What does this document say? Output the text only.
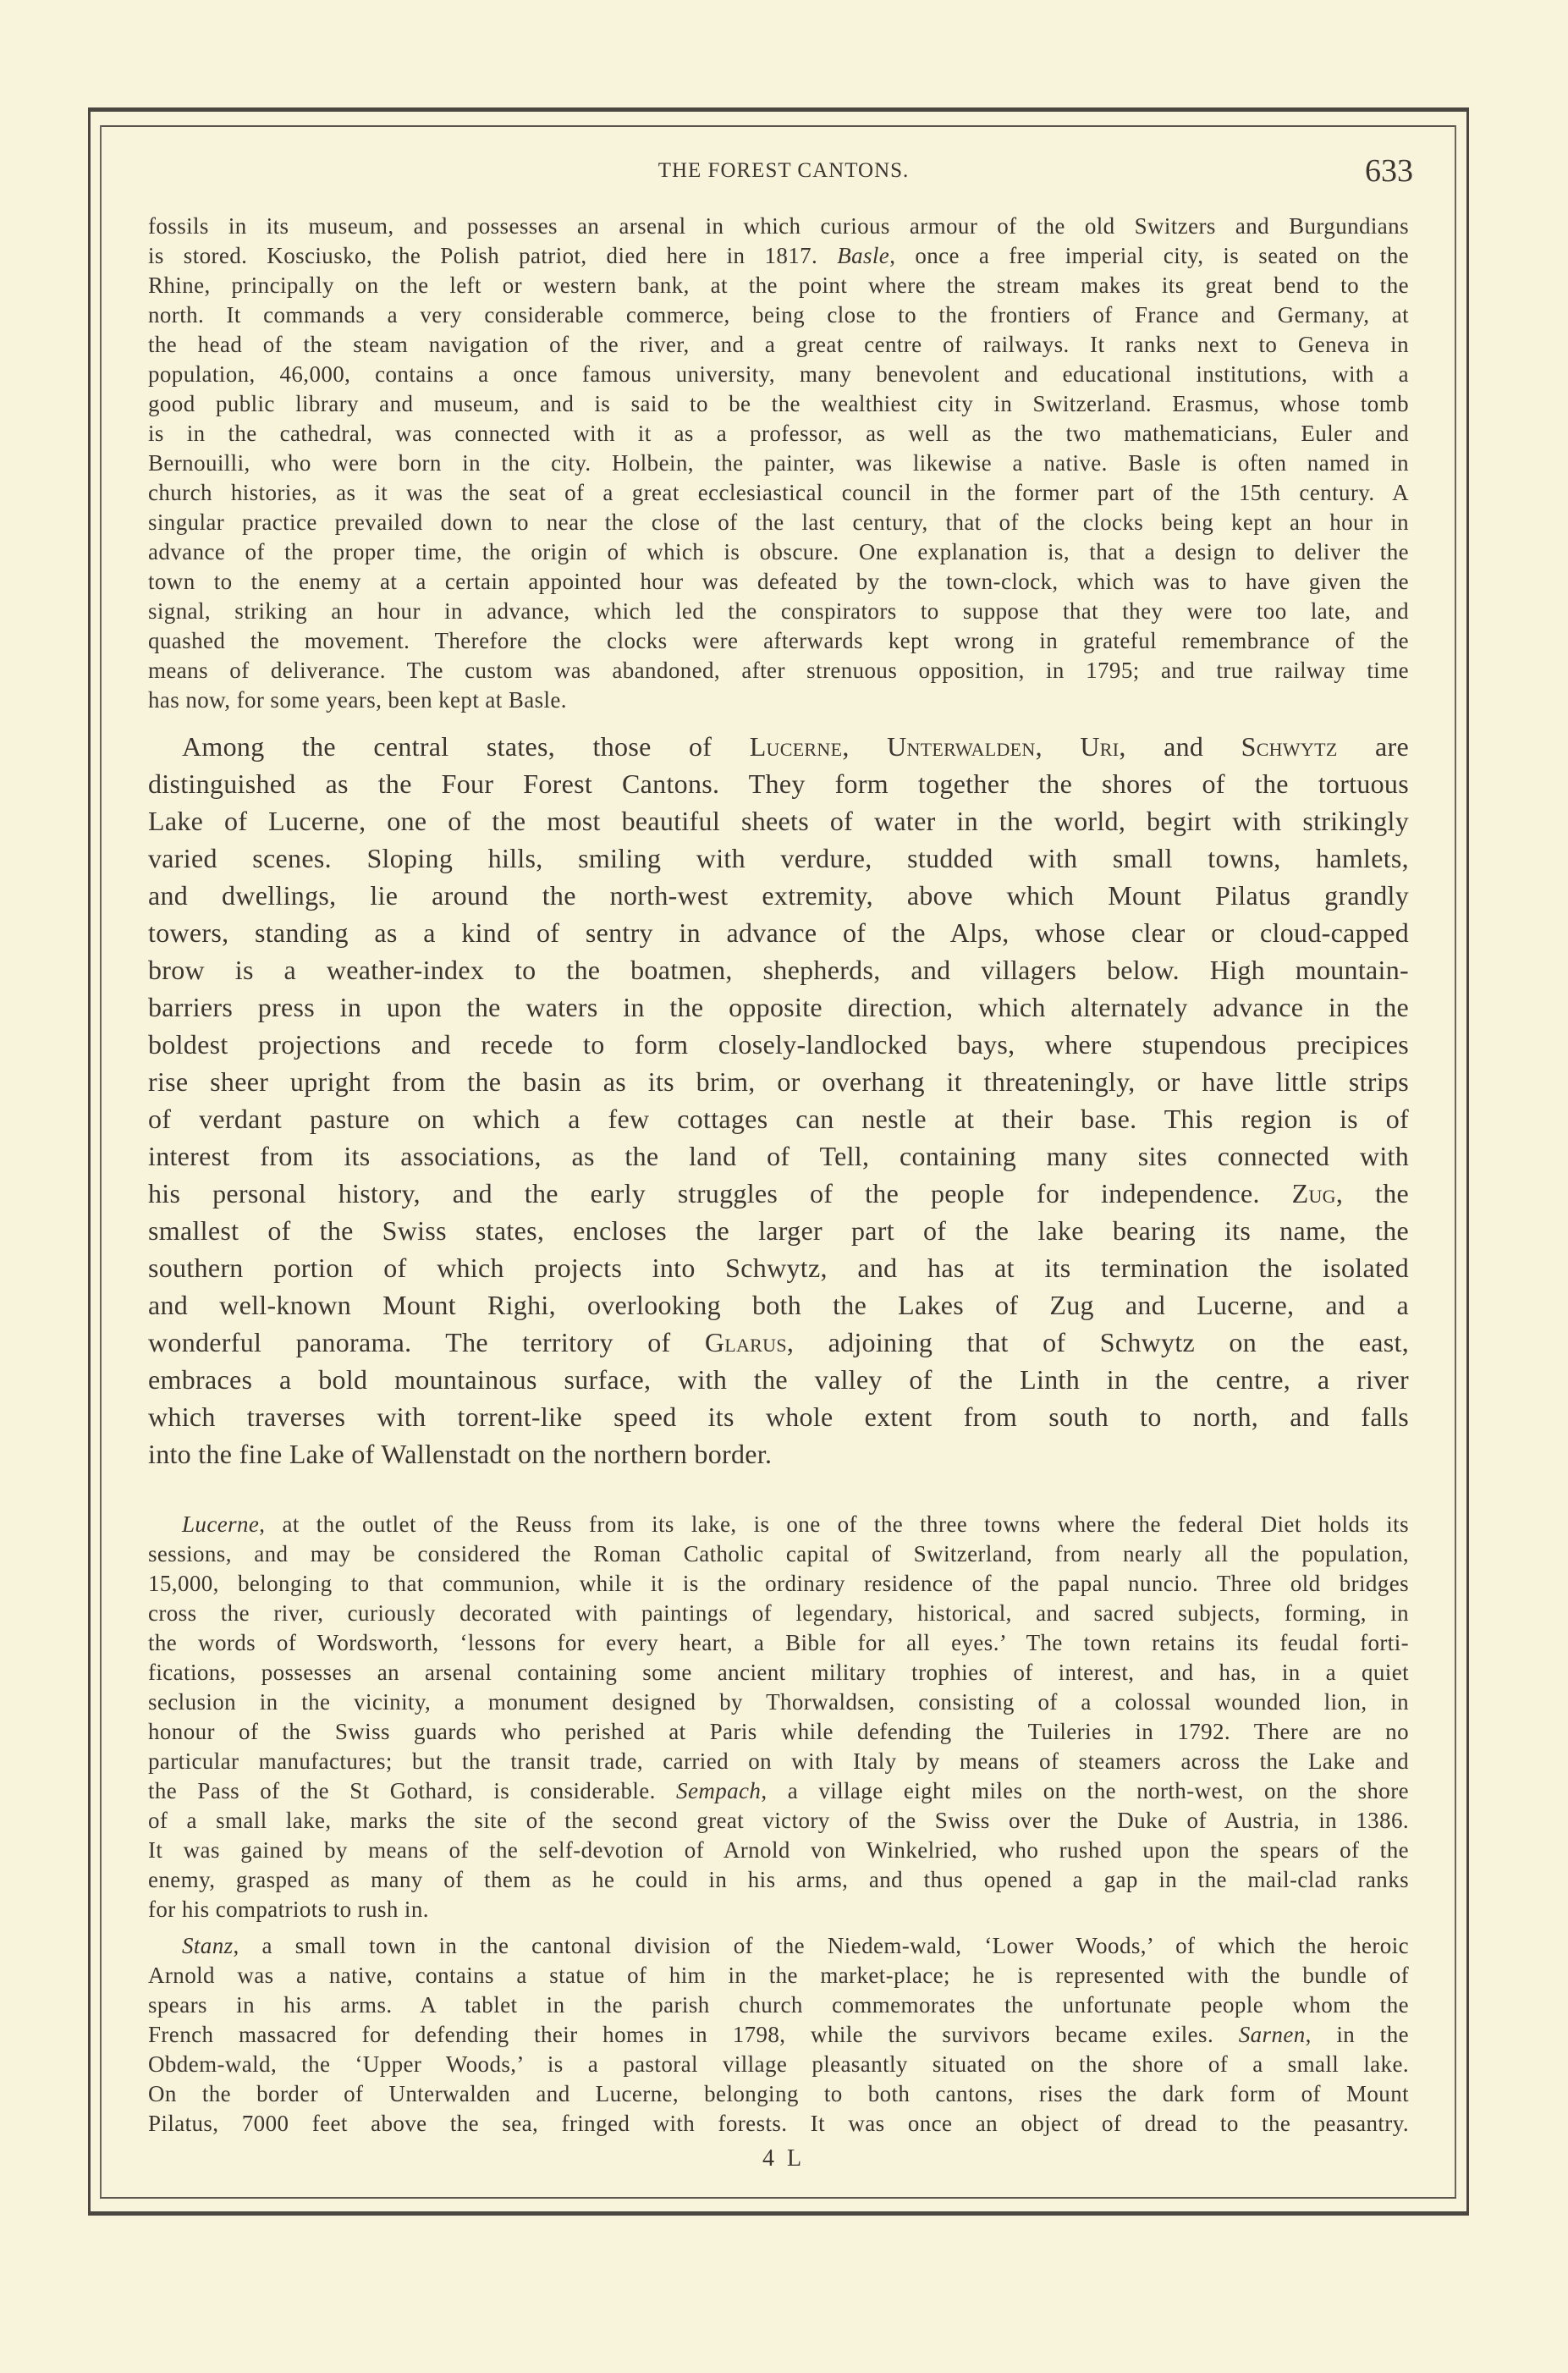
THE FOREST CANTONS.	633
fossils in its museum, and possesses an arsenal in which curious armour of the old Switzers and Burgundians
is stored. Kosciusko, the Polish patriot, died here in 1817. Basle, once a free imperial city, is seated on the
Rhine, principally on the left or western bank, at the point where the stream makes its great bend to the
north. It commands a very considerable commerce, being close to the frontiers of France and Germany, at
the head of the steam navigation of the river, and a great centre of railways. It ranks next to Geneva in
population, 46,000, contains a once famous university, many benevolent and educational institutions, with a
good public library and museum, and is said to be the wealthiest city in Switzerland. Erasmus, whose tomb
is in the cathedral, was connected with it as a professor, as well as the two mathematicians, Euler and
Bernouilli, who were born in the city. Holbein, the painter, was likewise a native. Basle is often named in
church histories, as it was the seat of a great ecclesiastical council in the former part of the 15th century. A
singular practice prevailed down to near the close of the last century, that of the clocks being kept an hour in
advance of the proper time, the origin of which is obscure. One explanation is, that a design to deliver the
town to the enemy at a certain appointed hour was defeated by the town-clock, which was to have given the
signal, striking an hour in advance, which led the conspirators to suppose that they were too late, and
quashed the movement. Therefore the clocks were afterwards kept wrong in grateful remembrance of the
means of deliverance. The custom was abandoned, after strenuous opposition, in 1795; and true railway time
has now, for some years, been kept at Basle.
Among the central states, those of Lucerne, Unterwalden, Uri, and Schwytz are
distinguished as the Four Forest Cantons. They form together the shores of the tortuous
Lake of Lucerne, one of the most beautiful sheets of water in the world, begirt with strikingly
varied scenes. Sloping hills, smiling with verdure, studded with small towns, hamlets,
and dwellings, lie around the north-west extremity, above which Mount Pilatus grandly
towers, standing as a kind of sentry in advance of the Alps, whose clear or cloud-capped
brow is a weather-index to the boatmen, shepherds, and villagers below. High mountain-
barriers press in upon the waters in the opposite direction, which alternately advance in the
boldest projections and recede to form closely-landlocked bays, where stupendous precipices
rise sheer upright from the basin as its brim, or overhang it threateningly, or have little strips
of verdant pasture on which a few cottages can nestle at their base. This region is of
interest from its associations, as the land of Tell, containing many sites connected with
his personal history, and the early struggles of the people for independence. Zug, the
smallest of the Swiss states, encloses the larger part of the lake bearing its name, the
southern portion of which projects into Schwytz, and has at its termination the isolated
and well-known Mount Righi, overlooking both the Lakes of Zug and Lucerne, and a
wonderful panorama. The territory of Glarus, adjoining that of Schwytz on the east,
embraces a bold mountainous surface, with the valley of the Linth in the centre, a river
which traverses with torrent-like speed its whole extent from south to north, and falls
into the fine Lake of Wallenstadt on the northern border.
Lucerne, at the outlet of the Reuss from its lake, is one of the three towns where the federal Diet holds its
sessions, and may be considered the Roman Catholic capital of Switzerland, from nearly all the population,
15,000, belonging to that communion, while it is the ordinary residence of the papal nuncio. Three old bridges
cross the river, curiously decorated with paintings of legendary, historical, and sacred subjects, forming, in
the words of Wordsworth, ‘lessons for every heart, a Bible for all eyes.’ The town retains its feudal forti-
fications, possesses an arsenal containing some ancient military trophies of interest, and has, in a quiet
seclusion in the vicinity, a monument designed by Thorwaldsen, consisting of a colossal wounded lion, in
honour of the Swiss guards who perished at Paris while defending the Tuileries in 1792. There are no
particular manufactures; but the transit trade, carried on with Italy by means of steamers across the Lake and
the Pass of the St Gothard, is considerable. Sempach, a village eight miles on the north-west, on the shore
of a small lake, marks the site of the second great victory of the Swiss over the Duke of Austria, in 1386.
It was gained by means of the self-devotion of Arnold von Winkelried, who rushed upon the spears of the
enemy, grasped as many of them as he could in his arms, and thus opened a gap in the mail-clad ranks
for his compatriots to rush in.
Stanz, a small town in the cantonal division of the Niedem-wald, ‘Lower Woods,’ of which the heroic
Arnold was a native, contains a statue of him in the market-place; he is represented with the bundle of
spears in his arms. A tablet in the parish church commemorates the unfortunate people whom the
French massacred for defending their homes in 1798, while the survivors became exiles. Sarnen, in the
Obdem-wald, the ‘Upper Woods,’ is a pastoral village pleasantly situated on the shore of a small lake.
On the border of Unterwalden and Lucerne, belonging to both cantons, rises the dark form of Mount
Pilatus, 7000 feet above the sea, fringed with forests. It was once an object of dread to the peasantry.
4 L
